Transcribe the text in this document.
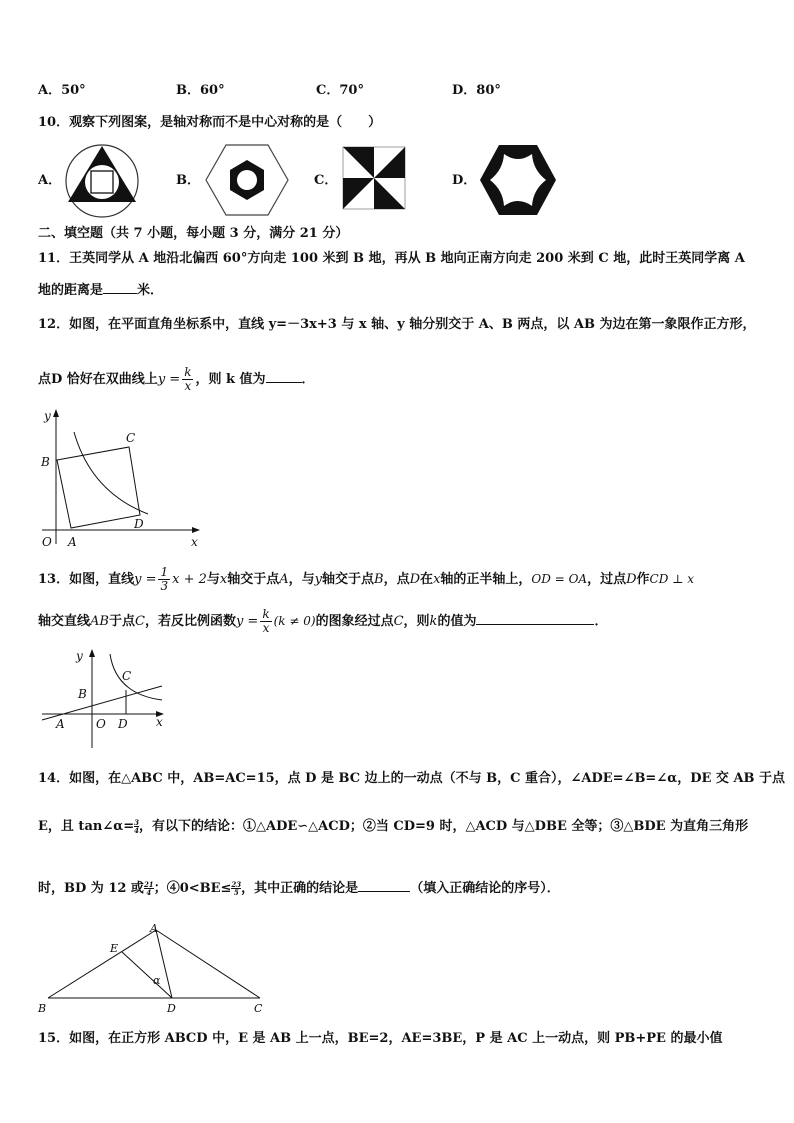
A．50°	B．60°	C．70°	D．80°
10．观察下列图案，是轴对称而不是中心对称的是（　　）
A．	B．	C．	D．
二、填空题（共 7 小题，每小题 3 分，满分 21 分）
11．王英同学从 A 地沿北偏西 60°方向走 100 米到 B 地，再从 B 地向正南方向走 200 米到 C 地，此时王英同学离 A
地的距离是	米．
12．如图，在平面直角坐标系中，直线 y=－3x+3 与 x 轴、y 轴分别交于 A、B 两点，以 AB 为边在第一象限作正方形，
点D 恰好在双曲线上$y = \frac{k}{x}$ ，则 k 值为	．
y
x
O A
B
C
D
13．如图，直线$y = \frac{1}{3}$ x + 2与x轴交于点A，与y轴交于点B，点D在x轴的正半轴上，OD = OA，过点D作CD ⊥ x
轴交直线AB于点C，若反比例函数$y = \frac{k}{x} (k \ne 0)$的图象经过点C，则k的值为	．
y
x
O
A
B
C
D
14．如图，在△ABC 中，AB=AC=15，点 D 是 BC 边上的一动点（不与 B，C 重合），∠ADE=∠B=∠α，DE 交 AB 于点
E，且 tan∠α= $\frac{3}{4}$ ，有以下的结论：①△ADE∽△ACD；②当 CD=9 时，△ACD 与△DBE 全等；③△BDE 为直角三角形
时，BD 为 12 或 $\frac{21}{4}$ ；④0<BE≤ $\frac{23}{5}$ ，其中正确的结论是	（填入正确结论的序号）．
A
B	C
D
E
α
15．如图，在正方形 ABCD 中，E 是 AB 上一点，BE=2，AE=3BE，P 是 AC 上一动点，则 PB+PE 的最小值
